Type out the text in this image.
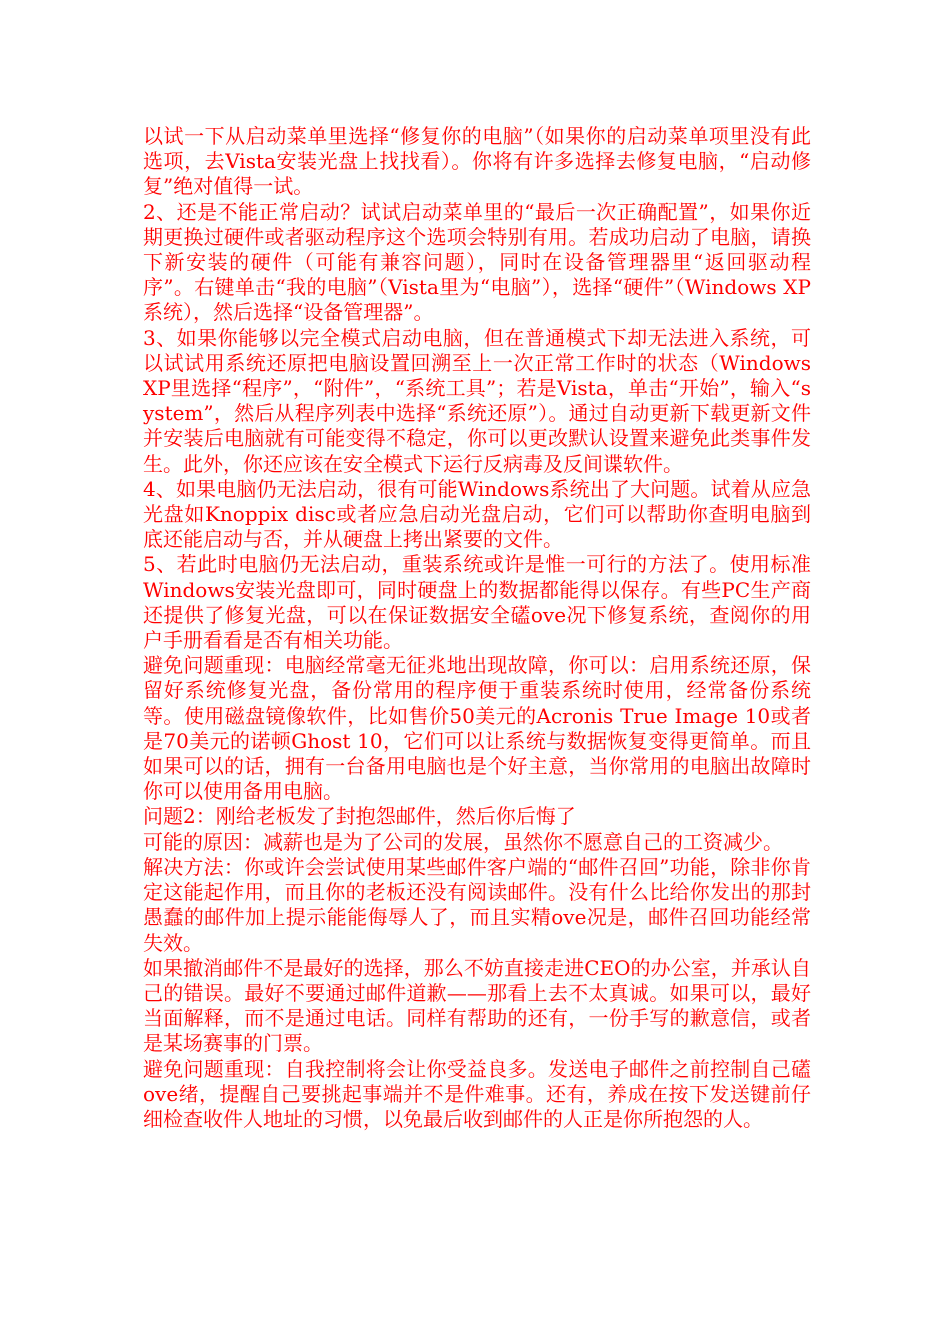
以试一下从启动菜单里选择“修复你的电脑”（如果你的启动菜单项里没有此选项，去Vista安装光盘上找找看）。你将有许多选择去修复电脑，“启动修复”绝对值得一试。

2、还是不能正常启动？试试启动菜单里的“最后一次正确配置”，如果你近期更换过硬件或者驱动程序这个选项会特别有用。若成功启动了电脑，请换下新安装的硬件（可能有兼容问题），同时在设备管理器里“返回驱动程序”。右键单击“我的电脑”（Vista里为“电脑”），选择“硬件”（Windows XP系统），然后选择“设备管理器”。

3、如果你能够以完全模式启动电脑，但在普通模式下却无法进入系统，可以试试用系统还原把电脑设置回溯至上一次正常工作时的状态（Windows XP里选择“程序”，“附件”，“系统工具”；若是Vista，单击“开始”，输入“system”，然后从程序列表中选择“系统还原”）。通过自动更新下载更新文件并安装后电脑就有可能变得不稳定，你可以更改默认设置来避免此类事件发生。此外，你还应该在安全模式下运行反病毒及反间谍软件。

4、如果电脑仍无法启动，很有可能Windows系统出了大问题。试着从应急光盘如Knoppix disc或者应急启动光盘启动，它们可以帮助你查明电脑到底还能启动与否，并从硬盘上拷出紧要的文件。

5、若此时电脑仍无法启动，重装系统或许是惟一可行的方法了。使用标准Windows安装光盘即可，同时硬盘上的数据都能得以保存。有些PC生产商还提供了修复光盘，可以在保证数据安全礚ove况下修复系统，查阅你的用户手册看看是否有相关功能。

避免问题重现：电脑经常毫无征兆地出现故障，你可以：启用系统还原，保留好系统修复光盘，备份常用的程序便于重装系统时使用，经常备份系统等。使用磁盘镜像软件，比如售价50美元的Acronis True Image 10或者是70美元的诺顿Ghost 10，它们可以让系统与数据恢复变得更简单。而且如果可以的话，拥有一台备用电脑也是个好主意，当你常用的电脑出故障时你可以使用备用电脑。

问题2：刚给老板发了封抱怨邮件，然后你后悔了

可能的原因：减薪也是为了公司的发展，虽然你不愿意自己的工资减少。

解决方法：你或许会尝试使用某些邮件客户端的“邮件召回”功能，除非你肯定这能起作用，而且你的老板还没有阅读邮件。没有什么比给你发出的那封愚蠢的邮件加上提示能能侮辱人了，而且实精ove况是，邮件召回功能经常失效。

如果撤消邮件不是最好的选择，那么不妨直接走进CEO的办公室，并承认自己的错误。最好不要通过邮件道歉——那看上去不太真诚。如果可以，最好当面解释，而不是通过电话。同样有帮助的还有，一份手写的歉意信，或者是某场赛事的门票。

避免问题重现：自我控制将会让你受益良多。发送电子邮件之前控制自己礚ove绪，提醒自己要挑起事端并不是件难事。还有，养成在按下发送键前仔细检查收件人地址的习惯，以免最后收到邮件的人正是你所抱怨的人。
